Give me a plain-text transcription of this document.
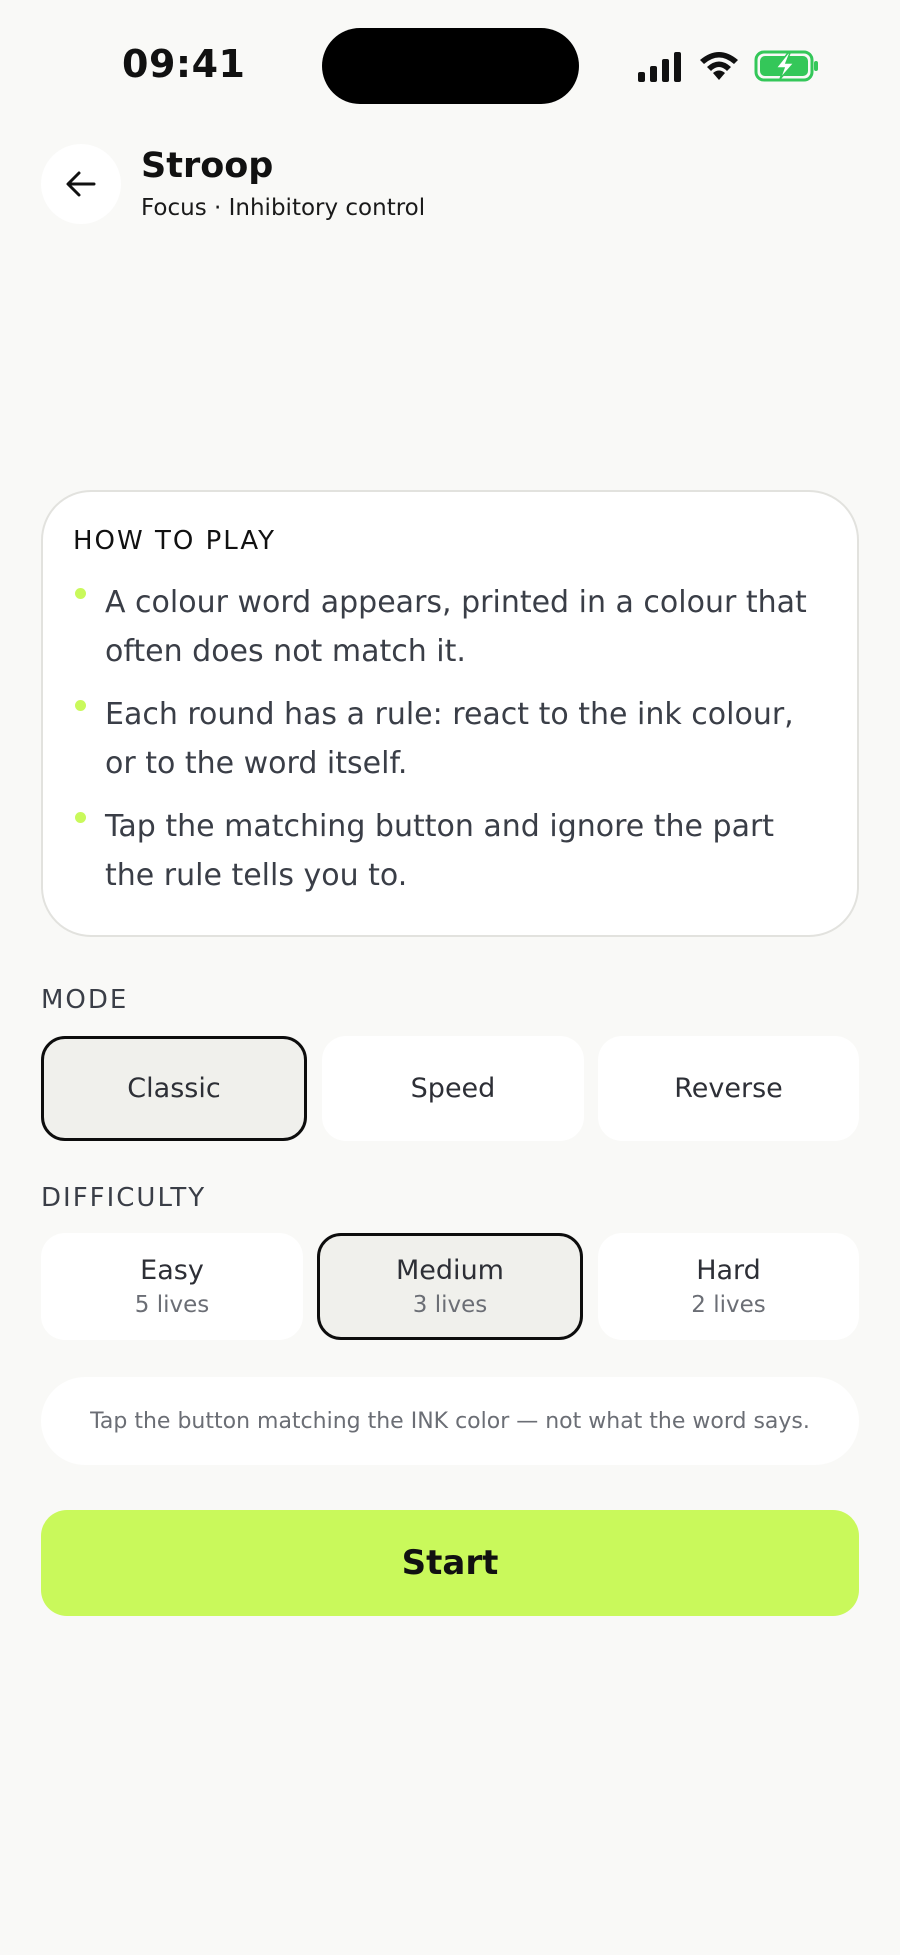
09:41
Stroop
Focus · Inhibitory control
HOW TO PLAY
A colour word appears, printed in a colour that often does not match it.
Each round has a rule: react to the ink colour, or to the word itself.
Tap the matching button and ignore the part the rule tells you to.
MODE
Classic	Speed	Reverse
DIFFICULTY
Easy
5 lives
Medium
3 lives
Hard
2 lives
Tap the button matching the INK color — not what the word says.
Start
